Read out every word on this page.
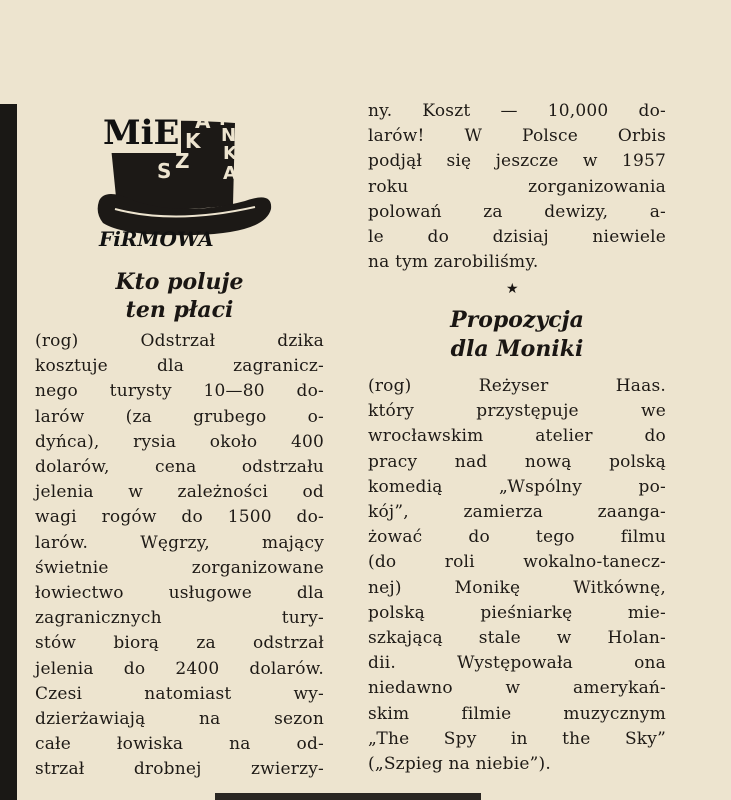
MiE
S Z
K
A I
N
K
A
FiRMOWA
Kto poluje
ten płaci
(rog) Odstrzał dzika
kosztuje dla zagranicz-
nego turysty 10—80 do-
larów (za grubego o-
dyńca), rysia około 400
dolarów, cena odstrzału
jelenia w zależności od
wagi rogów do 1500 do-
larów. Węgrzy, mający
świetnie zorganizowane
łowiectwo usługowe dla
zagranicznych tury-
stów biorą za odstrzał
jelenia do 2400 dolarów.
Czesi natomiast wy-
dzierżawiają na sezon
całe łowiska na od-
strzał drobnej zwierzy-
ny. Koszt — 10,000 do-
larów! W Polsce Orbis
podjął się jeszcze w 1957
roku zorganizowania
polowań za dewizy, a-
le do dzisiaj niewiele
na tym zarobiliśmy.
★
Propozycja
dla Moniki
(rog) Reżyser Haas.
który przystępuje we
wrocławskim atelier do
pracy nad nową polską
komedią „Wspólny po-
kój”, zamierza zaanga-
żować do tego filmu
(do roli wokalno-tanecz-
nej) Monikę Witkównę,
polską pieśniarkę mie-
szkającą stale w Holan-
dii. Występowała ona
niedawno w amerykań-
skim filmie muzycznym
„The Spy in the Sky”
(„Szpieg na niebie”).
